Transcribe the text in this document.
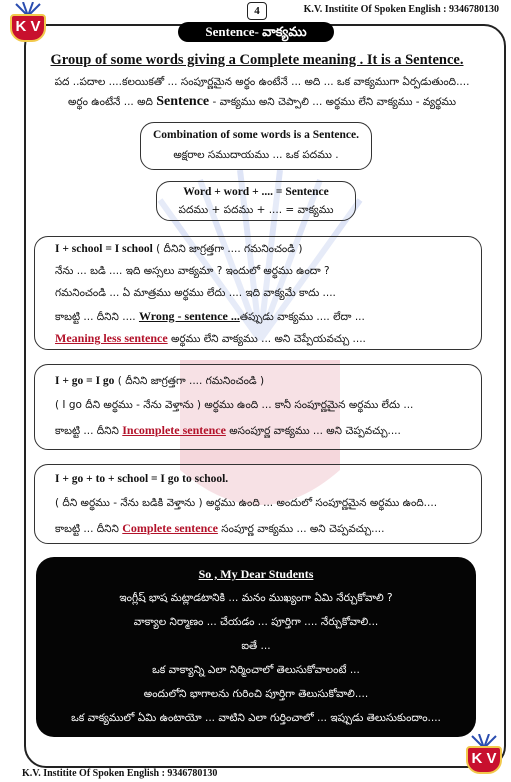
K V
4	K.V. Institite Of Spoken English : 9346780130
Sentence- వాక్యము
Group of some words giving a Complete meaning . It is a Sentence.
పద ..పదాల ....కలయికతో ... సంపూర్ణమైన అర్థం ఉంటేనే ... అది ... ఒక వాక్యముగా ఏర్పడుతుంది....
అర్థం ఉంటేనే ... అది Sentence - వాక్యము అని చెప్పాలి ... అర్థము లేని వాక్యము - వ్యర్థము
Combination of some words is a Sentence.
అక్షరాల సముదాయము ... ఒక పదము .
Word + word + .... = Sentence
పదము + పదము + .... = వాక్యము
I + school = I school ( దీనిని జాగ్రత్తగా .... గమనించండి )
నేను ... బడి .... ఇది అస్సలు వాక్యమా ? ఇందులో అర్థము ఉందా ?
గమనించండి ... ఏ మాత్రము అర్థము లేదు .... ఇది వాక్యమే కాదు ....
కాబట్టి ... దీనిని .... Wrong - sentence ...తప్పుడు వాక్యము .... లేదా ...
Meaning less sentence అర్థము లేని వాక్యము ... అని చెప్పేయవచ్చు ....
I + go = I go ( దీనిని జాగ్రత్తగా .... గమనించండి )
( I go దీని అర్థము - నేను వెళ్తాను ) అర్థము ఉంది ... కానీ సంపూర్ణమైన అర్థము లేదు ...
కాబట్టి ... దీనిని Incomplete sentence అసంపూర్ణ వాక్యము ... అని చెప్పవచ్చు....
I + go + to + school = I go to school.
( దీని అర్థము - నేను బడికి వెళ్తాను ) అర్థము ఉంది ... అందులో సంపూర్ణమైన అర్థము ఉంది....
కాబట్టి ... దీనిని Complete sentence సంపూర్ణ వాక్యము ... అని చెప్పవచ్చు....
So , My Dear Students
ఇంగ్లీష్ భాష మట్లాడటానికి ... మనం ముఖ్యంగా ఏమి నేర్చుకోవాలి ?
వాక్యాల నిర్మాణం ... చేయడం ... పూర్తిగా .... నేర్చుకోవాలి...
ఐతే ...
ఒక వాక్యాన్ని ఎలా నిర్మించాలో తెలుసుకోవాలంటే ...
అందులోని భాగాలను గురించి పూర్తిగా తెలుసుకోవాలి....
ఒక వాక్యములో ఏమి ఉంటాయో ... వాటిని ఎలా గుర్తించాలో ... ఇప్పుడు తెలుసుకుందాం....
K V
K.V. Institite Of Spoken English : 9346780130
